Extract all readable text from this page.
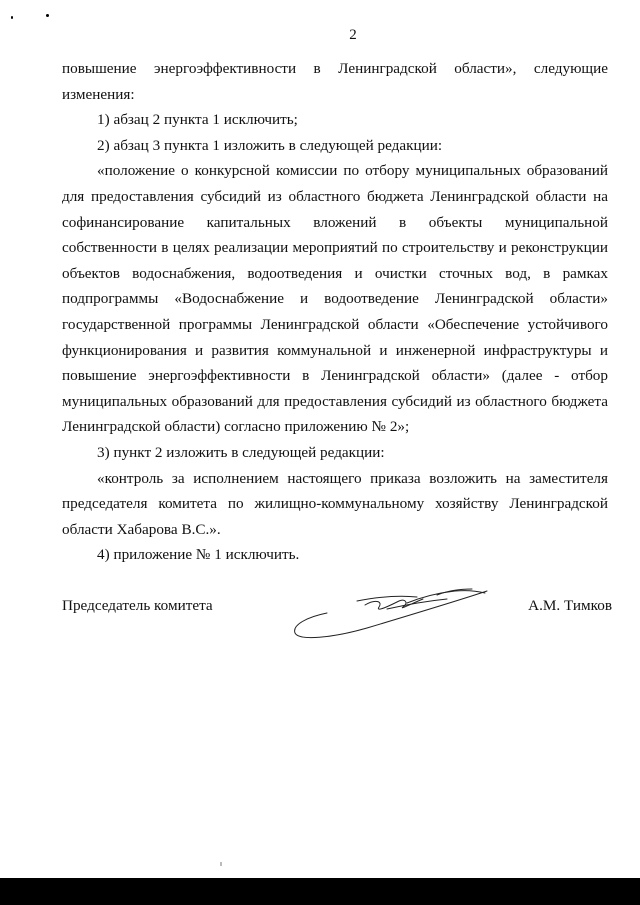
2

повышение энергоэффективности в Ленинградской области», следующие изменения:

1) абзац 2 пункта 1 исключить;

2) абзац 3 пункта 1 изложить в следующей редакции:

«положение о конкурсной комиссии по отбору муниципальных образований для предоставления субсидий из областного бюджета Ленинградской области на софинансирование капитальных вложений в объекты муниципальной собственности в целях реализации мероприятий по строительству и реконструкции объектов водоснабжения, водоотведения и очистки сточных вод, в рамках подпрограммы «Водоснабжение и водоотведение Ленинградской области» государственной программы Ленинградской области «Обеспечение устойчивого функционирования и развития коммунальной и инженерной инфраструктуры и повышение энергоэффективности в Ленинградской области» (далее - отбор муниципальных образований для предоставления субсидий из областного бюджета Ленинградской области) согласно приложению № 2»;

3) пункт 2 изложить в следующей редакции:

«контроль за исполнением настоящего приказа возложить на заместителя председателя комитета по жилищно-коммунальному хозяйству Ленинградской области Хабарова В.С.».

4) приложение № 1 исключить.

Председатель комитета	А.М. Тимков
